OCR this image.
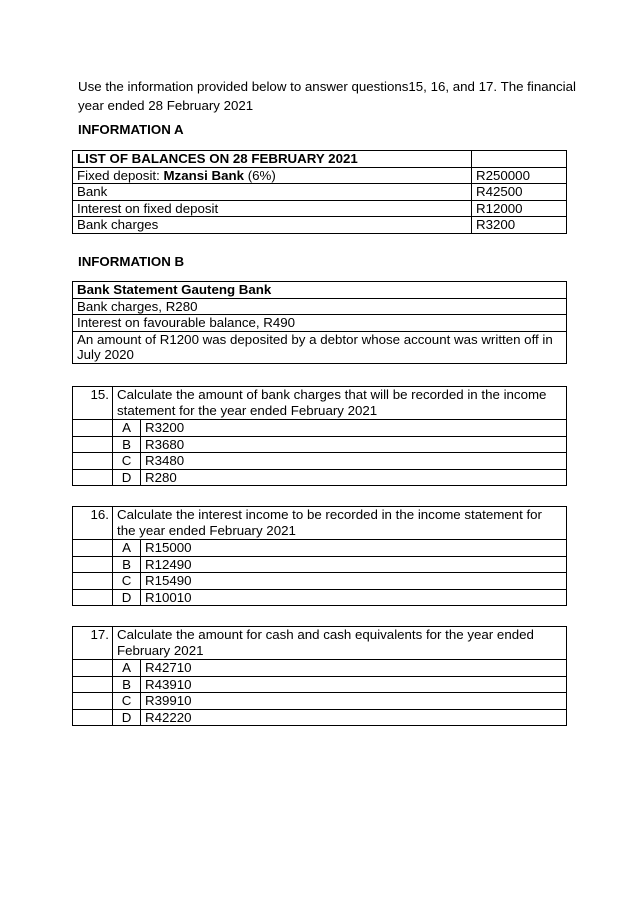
Use the information provided below to answer questions15, 16, and 17. The financial year ended 28 February 2021
INFORMATION A
LIST OF BALANCES ON 28 FEBRUARY 2021	
Fixed deposit: Mzansi Bank (6%)	R250000
Bank	R42500
Interest on fixed deposit	R12000
Bank charges	R3200
INFORMATION B
Bank Statement Gauteng Bank
Bank charges, R280
Interest on favourable balance, R490
An amount of R1200 was deposited by a debtor whose account was written off in July 2020
15.	Calculate the amount of bank charges that will be recorded in the income statement for the year ended February 2021	
	A	R3200
	B	R3680
	C	R3480
	D	R280
16.	Calculate the interest income to be recorded in the income statement for the year ended February 2021	
	A	R15000
	B	R12490
	C	R15490
	D	R10010
17.	Calculate the amount for cash and cash equivalents for the year ended February 2021	
	A	R42710
	B	R43910
	C	R39910
	D	R42220
